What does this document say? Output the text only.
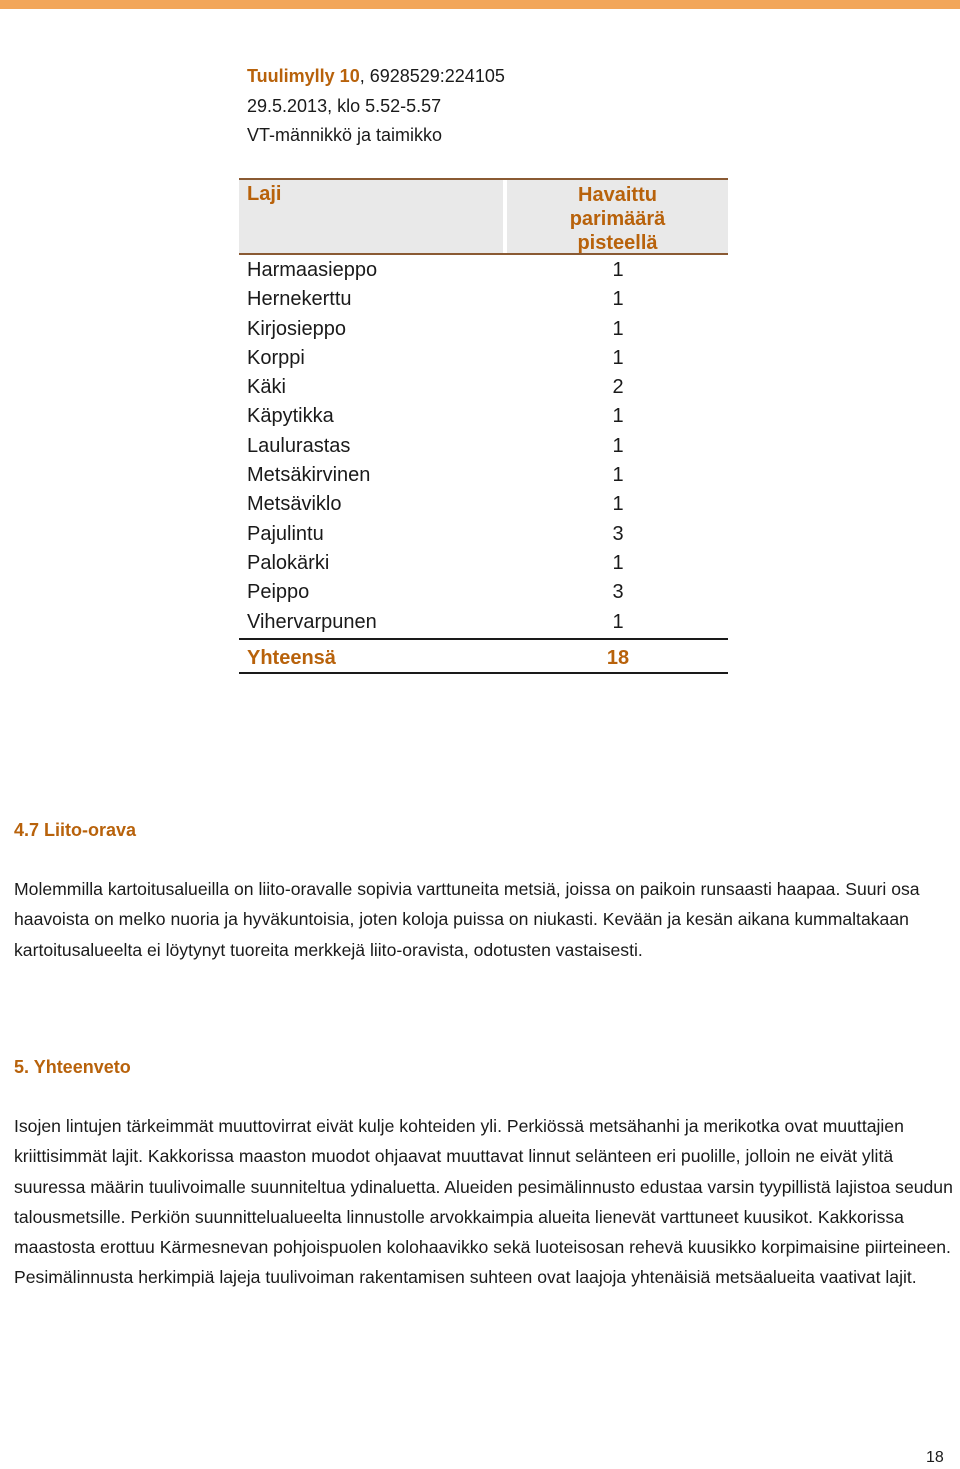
Tuulimylly 10, 6928529:224105
29.5.2013, klo 5.52-5.57
VT-männikkö ja taimikko
Laji	Havaittu
parimäärä
pisteellä
Harmaasieppo	1
Hernekerttu	1
Kirjosieppo	1
Korppi	1
Käki	2
Käpytikka	1
Laulurastas	1
Metsäkirvinen	1
Metsäviklo	1
Pajulintu	3
Palokärki	1
Peippo	3
Vihervarpunen	1
Yhteensä	18
4.7 Liito-orava
Molemmilla kartoitusalueilla on liito-oravalle sopivia varttuneita metsiä, joissa on paikoin runsaasti haapaa. Suuri osa haavoista on melko nuoria ja hyväkuntoisia, joten koloja puissa on niukasti. Kevään ja kesän aikana kummaltakaan kartoitusalueelta ei löytynyt tuoreita merkkejä liito-oravista, odotusten vastaisesti.
5. Yhteenveto
Isojen lintujen tärkeimmät muuttovirrat eivät kulje kohteiden yli. Perkiössä metsähanhi ja merikotka ovat muuttajien kriittisimmät lajit. Kakkorissa maaston muodot ohjaavat muuttavat linnut selänteen eri puolille, jolloin ne eivät ylitä suuressa määrin tuulivoimalle suunniteltua ydinaluetta. Alueiden pesimälinnusto edustaa varsin tyypillistä lajistoa seudun talousmetsille. Perkiön suunnittelualueelta linnustolle arvokkaimpia alueita lienevät varttuneet kuusikot. Kakkorissa maastosta erottuu Kärmesnevan pohjoispuolen kolohaavikko sekä luoteisosan rehevä kuusikko korpimaisine piirteineen. Pesimälinnusta herkimpiä lajeja tuulivoiman rakentamisen suhteen ovat laajoja yhtenäisiä metsäalueita vaativat lajit.
18
